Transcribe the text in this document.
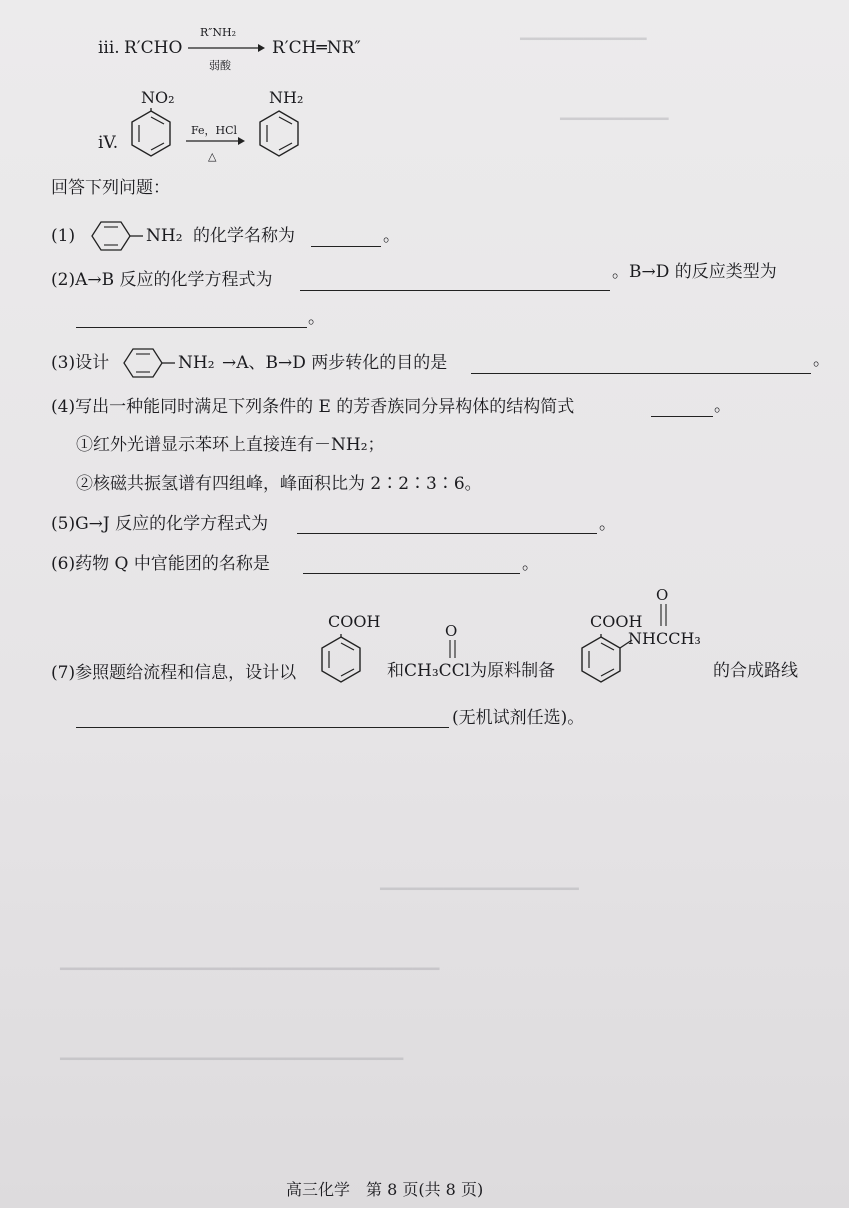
━━━━━━━━━━━━━━
━━━━━━━━━━━━
━━━━━━━━━━━━━━━━━━━━━━
━━━━━━━━━━━━━━━━━━━━━━━━━━━━━━━━━━━━━━━━━━
━━━━━━━━━━━━━━━━━━━━━━━━━━━━━━━━━━━━━━
iii. R′CHO
R″NH₂
弱酸
R′CH═NR″
iV.
NO₂
Fe，HCl
△
NH₂
回答下列问题：
(1)	NH₂ 的化学名称为	。
(2)A→B 反应的化学方程式为	。B→D 的反应类型为
。
(3)设计	NH₂ →A、B→D 两步转化的目的是	。
(4)写出一种能同时满足下列条件的 E 的芳香族同分异构体的结构简式	。
①红外光谱显示苯环上直接连有－NH₂；
②核磁共振氢谱有四组峰，峰面积比为 2∶2∶3∶6。
(5)G→J 反应的化学方程式为	。
(6)药物 Q 中官能团的名称是	。
(7)参照题给流程和信息，设计以
COOH	O
和CH₃CCl为原料制备
COOH
O
NHCCH₃
的合成路线
(无机试剂任选)。
高三化学　第 8 页(共 8 页)
